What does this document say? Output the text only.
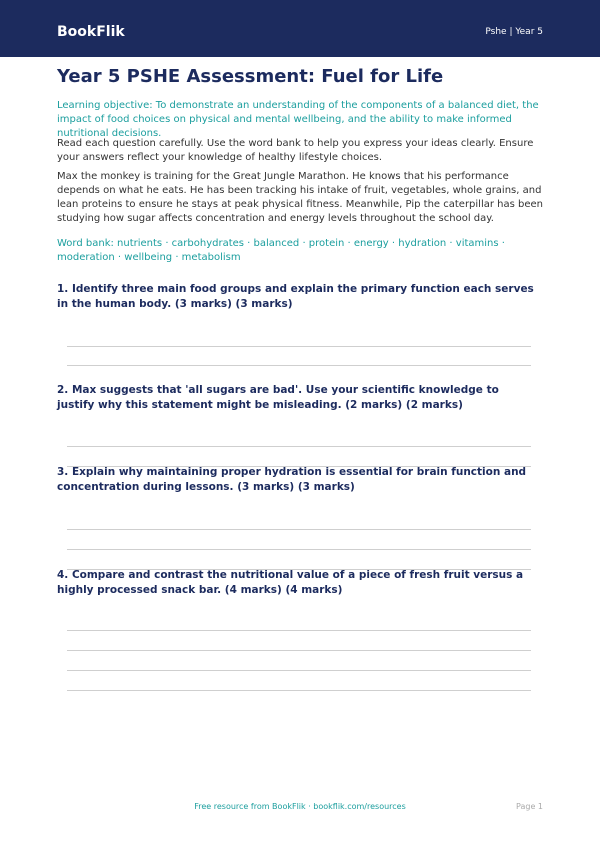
BookFlik	Pshe | Year 5
Year 5 PSHE Assessment: Fuel for Life
Learning objective: To demonstrate an understanding of the components of a balanced diet, the impact of food choices on physical and mental wellbeing, and the ability to make informed nutritional decisions.
Read each question carefully. Use the word bank to help you express your ideas clearly. Ensure your answers reflect your knowledge of healthy lifestyle choices.
Max the monkey is training for the Great Jungle Marathon. He knows that his performance depends on what he eats. He has been tracking his intake of fruit, vegetables, whole grains, and lean proteins to ensure he stays at peak physical fitness. Meanwhile, Pip the caterpillar has been studying how sugar affects concentration and energy levels throughout the school day.
Word bank: nutrients · carbohydrates · balanced · protein · energy · hydration · vitamins · moderation · wellbeing · metabolism
1. Identify three main food groups and explain the primary function each serves in the human body. (3 marks) (3 marks)
2. Max suggests that 'all sugars are bad'. Use your scientific knowledge to justify why this statement might be misleading. (2 marks) (2 marks)
3. Explain why maintaining proper hydration is essential for brain function and concentration during lessons. (3 marks) (3 marks)
4. Compare and contrast the nutritional value of a piece of fresh fruit versus a highly processed snack bar. (4 marks) (4 marks)
Free resource from BookFlik · bookflik.com/resources	Page 1
